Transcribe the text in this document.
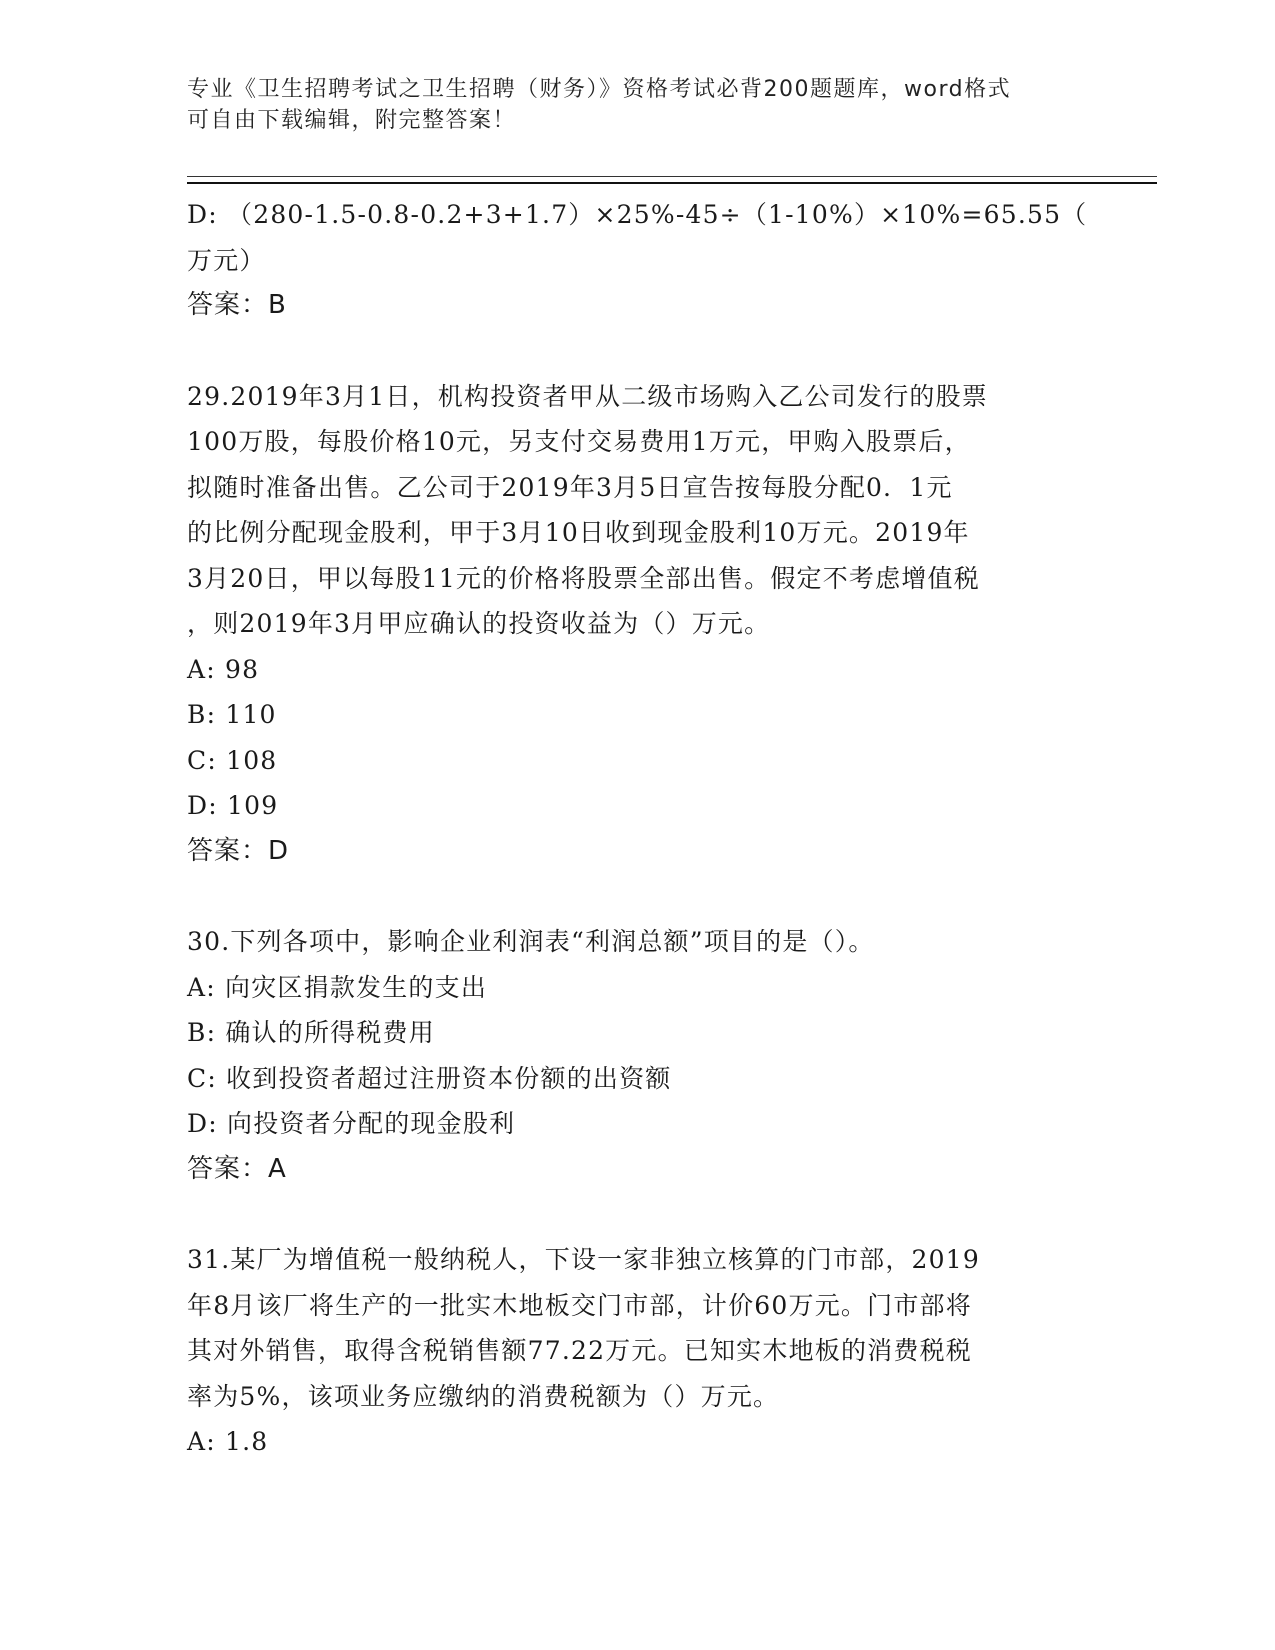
专业《卫生招聘考试之卫生招聘（财务）》资格考试必背200题题库，word格式
可自由下载编辑，附完整答案！
D: （280-1.5-0.8-0.2+3+1.7）×25%-45÷（1-10%）×10%=65.55（
万元）
答案：B
29.2019年3月1日，机构投资者甲从二级市场购入乙公司发行的股票
100万股，每股价格10元，另支付交易费用1万元，甲购入股票后，
拟随时准备出售。乙公司于2019年3月5日宣告按每股分配0．1元
的比例分配现金股利，甲于3月10日收到现金股利10万元。2019年
3月20日，甲以每股11元的价格将股票全部出售。假定不考虑增值税
，则2019年3月甲应确认的投资收益为（）万元。
A: 98
B: 110
C: 108
D: 109
答案：D
30.下列各项中，影响企业利润表“利润总额”项目的是（）。
A: 向灾区捐款发生的支出
B: 确认的所得税费用
C: 收到投资者超过注册资本份额的出资额
D: 向投资者分配的现金股利
答案：A
31.某厂为增值税一般纳税人，下设一家非独立核算的门市部，2019
年8月该厂将生产的一批实木地板交门市部，计价60万元。门市部将
其对外销售，取得含税销售额77.22万元。已知实木地板的消费税税
率为5%，该项业务应缴纳的消费税额为（）万元。
A: 1.8
